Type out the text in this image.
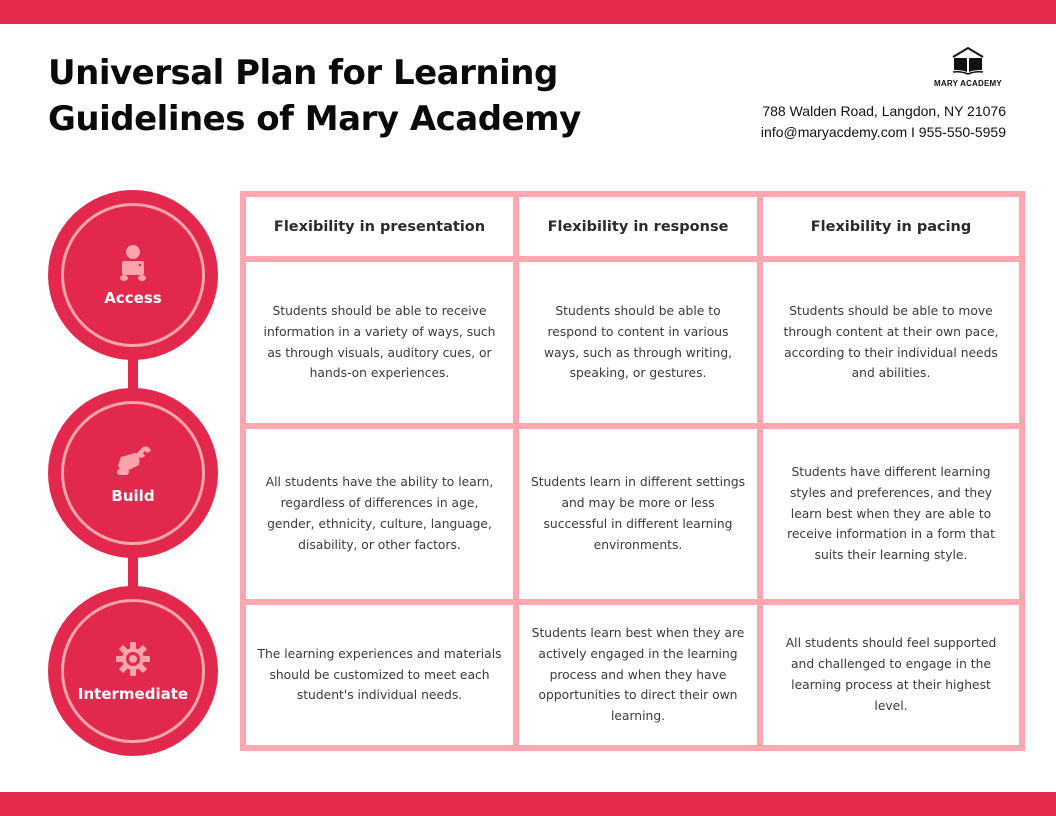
Universal Plan for Learning
Guidelines of Mary Academy
MARY ACADEMY
788 Walden Road, Langdon, NY 21076
info@maryacdemy.com I 955-550-5959
Access
Build
Intermediate
Flexibility in presentation	Flexibility in response	Flexibility in pacing
Students should be able to receive information in a variety of ways, such as through visuals, auditory cues, or hands-on experiences.
Students should be able to respond to content in various ways, such as through writing, speaking, or gestures.
Students should be able to move through content at their own pace, according to their individual needs and abilities.
All students have the ability to learn, regardless of differences in age, gender, ethnicity, culture, language, disability, or other factors.
Students learn in different settings and may be more or less successful in different learning environments.
Students have different learning styles and preferences, and they learn best when they are able to receive information in a form that suits their learning style.
The learning experiences and materials should be customized to meet each student's individual needs.
Students learn best when they are actively engaged in the learning process and when they have opportunities to direct their own learning.
All students should feel supported and challenged to engage in the learning process at their highest level.
